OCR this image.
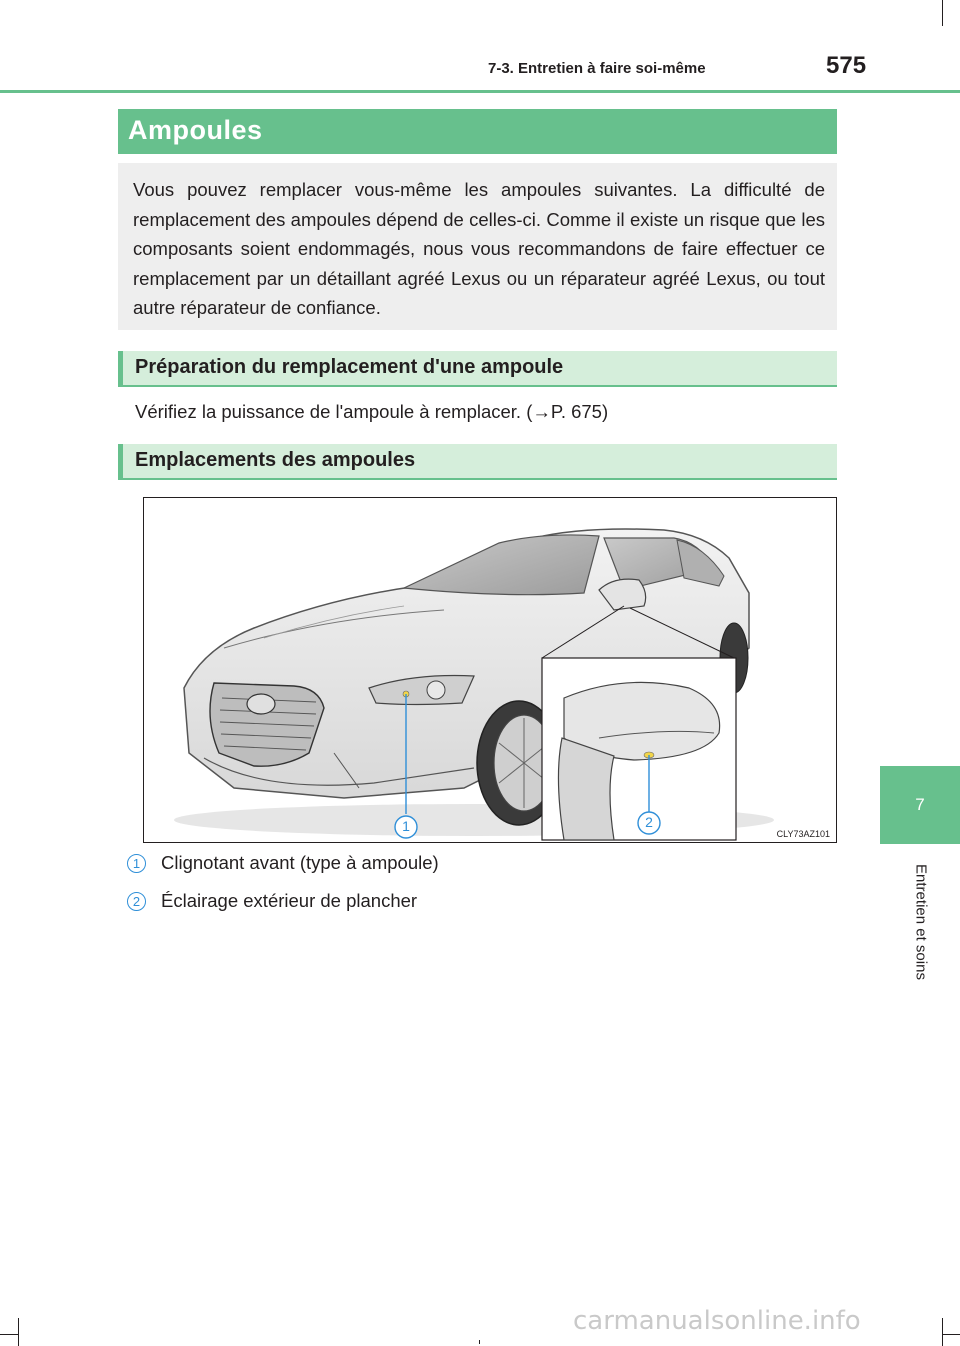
7-3. Entretien à faire soi-même	575
7
Entretien et soins
Ampoules
Vous pouvez remplacer vous-même les ampoules suivantes. La difficulté de remplacement des ampoules dépend de celles-ci. Comme il existe un risque que les composants soient endommagés, nous vous recommandons de faire effectuer ce remplacement par un détaillant agréé Lexus ou un réparateur agréé Lexus, ou tout autre réparateur de confiance.
Préparation du remplacement d'une ampoule
Vérifiez la puissance de l'ampoule à remplacer. (→P. 675)
Emplacements des ampoules
1	2
CLY73AZ101
1	Clignotant avant (type à ampoule)
2	Éclairage extérieur de plancher
carmanualsonline.info
